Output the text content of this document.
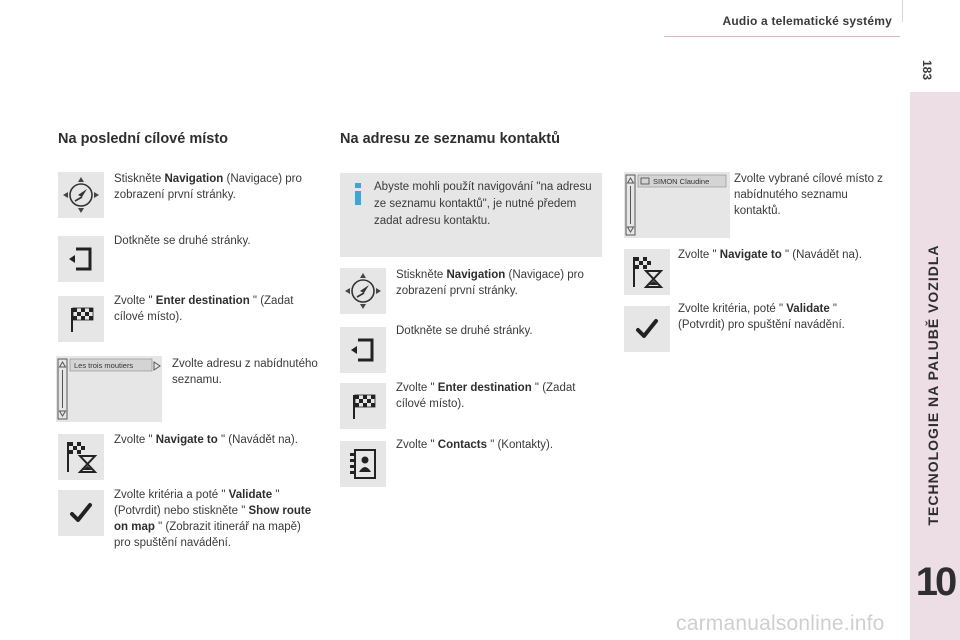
Audio a telematické systémy
183
TECHNOLOGIE NA PALUBĚ VOZIDLA
10
Na poslední cílové místo
Stiskněte Navigation (Navigace) pro zobrazení první stránky.
Dotkněte se druhé stránky.
Zvolte " Enter destination " (Zadat cílové místo).
Les trois moutiers	Zvolte adresu z nabídnutého seznamu.
Zvolte " Navigate to " (Navádět na).
Zvolte kritéria a poté " Validate " (Potvrdit) nebo stiskněte " Show route on map " (Zobrazit itinerář na mapě) pro spuštění navádění.
Na adresu ze seznamu kontaktů
Abyste mohli použít navigování "na adresu ze seznamu kontaktů", je nutné předem zadat adresu kontaktu.
Stiskněte Navigation (Navigace) pro zobrazení první stránky.
Dotkněte se druhé stránky.
Zvolte " Enter destination " (Zadat cílové místo).
Zvolte " Contacts " (Kontakty).
SIMON Claudine Zvolte vybrané cílové místo z nabídnutého seznamu kontaktů.
Zvolte " Navigate to " (Navádět na).
Zvolte kritéria, poté " Validate " (Potvrdit) pro spuštění navádění.
carmanualsonline.info
